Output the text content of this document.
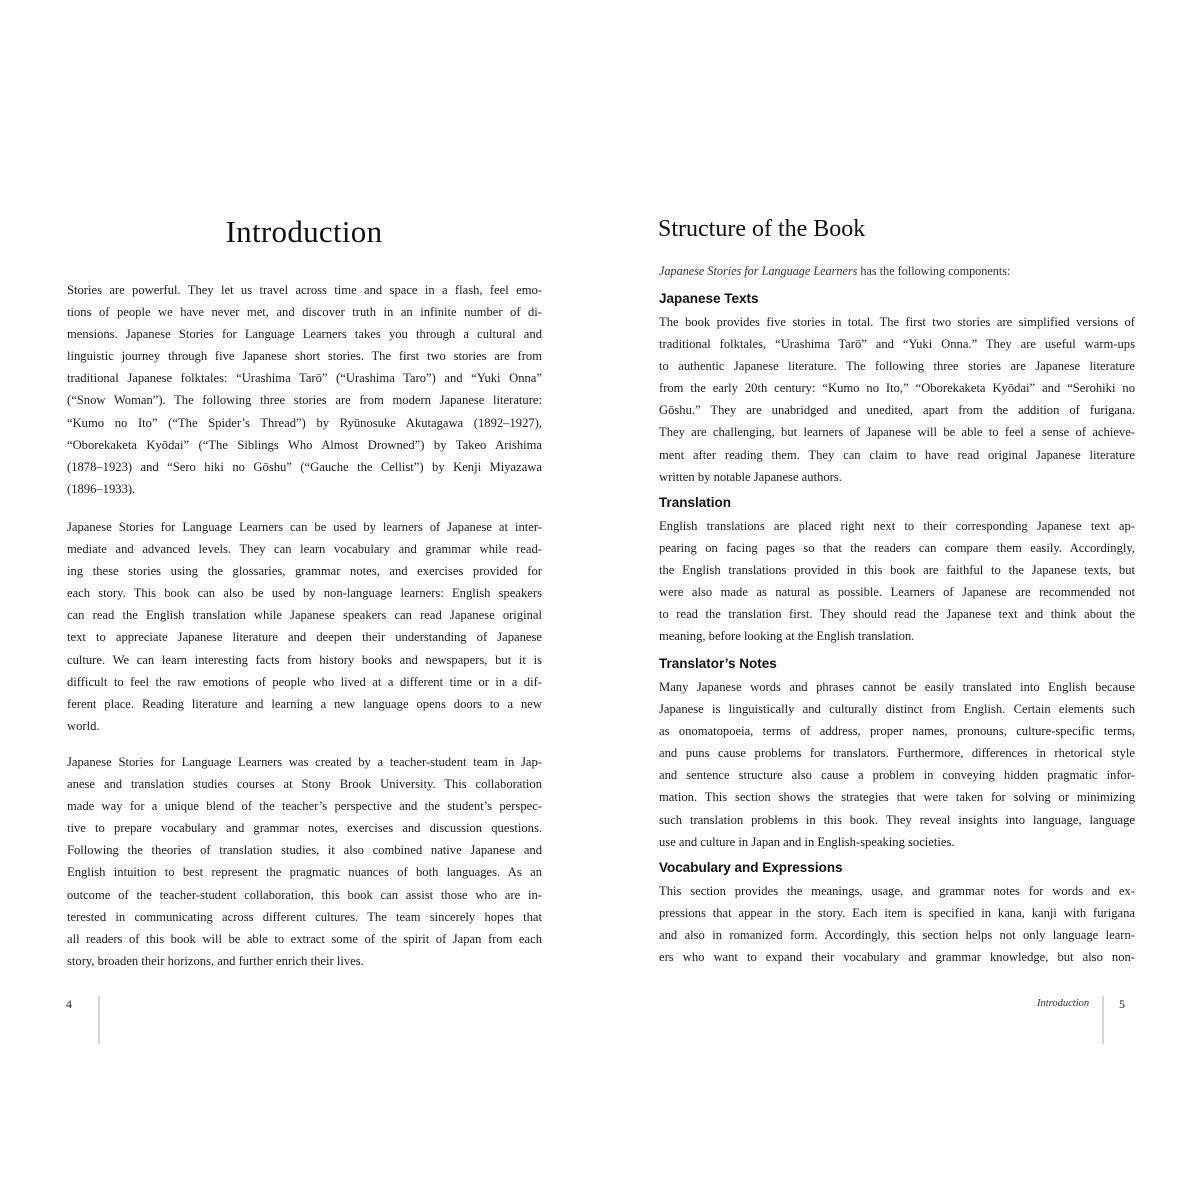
Introduction

Stories are powerful. They let us travel across time and space in a flash, feel emo-
tions of people we have never met, and discover truth in an infinite number of di-
mensions. Japanese Stories for Language Learners takes you through a cultural and
linguistic journey through five Japanese short stories. The first two stories are from
traditional Japanese folktales: “Urashima Tarō” (“Urashima Taro”) and “Yuki Onna”
(“Snow Woman”). The following three stories are from modern Japanese literature:
“Kumo no Ito” (“The Spider’s Thread”) by Ryūnosuke Akutagawa (1892–1927),
“Oborekaketa Kyōdai” (“The Siblings Who Almost Drowned”) by Takeo Arishima
(1878–1923) and “Sero hiki no Gōshu” (“Gauche the Cellist”) by Kenji Miyazawa
(1896–1933).

Japanese Stories for Language Learners can be used by learners of Japanese at inter-
mediate and advanced levels. They can learn vocabulary and grammar while read-
ing these stories using the glossaries, grammar notes, and exercises provided for
each story. This book can also be used by non-language learners: English speakers
can read the English translation while Japanese speakers can read Japanese original
text to appreciate Japanese literature and deepen their understanding of Japanese
culture. We can learn interesting facts from history books and newspapers, but it is
difficult to feel the raw emotions of people who lived at a different time or in a dif-
ferent place. Reading literature and learning a new language opens doors to a new
world.

Japanese Stories for Language Learners was created by a teacher-student team in Jap-
anese and translation studies courses at Stony Brook University. This collaboration
made way for a unique blend of the teacher’s perspective and the student’s perspec-
tive to prepare vocabulary and grammar notes, exercises and discussion questions.
Following the theories of translation studies, it also combined native Japanese and
English intuition to best represent the pragmatic nuances of both languages. As an
outcome of the teacher-student collaboration, this book can assist those who are in-
terested in communicating across different cultures. The team sincerely hopes that
all readers of this book will be able to extract some of the spirit of Japan from each
story, broaden their horizons, and further enrich their lives.

4
Structure of the Book
Japanese Stories for Language Learners has the following components:
Japanese Texts

The book provides five stories in total. The first two stories are simplified versions of
traditional folktales, “Urashima Tarō” and “Yuki Onna.” They are useful warm-ups
to authentic Japanese literature. The following three stories are Japanese literature
from the early 20th century: “Kumo no Ito,” “Oborekaketa Kyōdai” and “Serohiki no
Gōshu.” They are unabridged and unedited, apart from the addition of furigana.
They are challenging, but learners of Japanese will be able to feel a sense of achieve-
ment after reading them. They can claim to have read original Japanese literature
written by notable Japanese authors.

Translation

English translations are placed right next to their corresponding Japanese text ap-
pearing on facing pages so that the readers can compare them easily. Accordingly,
the English translations provided in this book are faithful to the Japanese texts, but
were also made as natural as possible. Learners of Japanese are recommended not
to read the translation first. They should read the Japanese text and think about the
meaning, before looking at the English translation.

Translator’s Notes

Many Japanese words and phrases cannot be easily translated into English because
Japanese is linguistically and culturally distinct from English. Certain elements such
as onomatopoeia, terms of address, proper names, pronouns, culture-specific terms,
and puns cause problems for translators. Furthermore, differences in rhetorical style
and sentence structure also cause a problem in conveying hidden pragmatic infor-
mation. This section shows the strategies that were taken for solving or minimizing
such translation problems in this book. They reveal insights into language, language
use and culture in Japan and in English-speaking societies.

Vocabulary and Expressions

This section provides the meanings, usage, and grammar notes for words and ex-
pressions that appear in the story. Each item is specified in kana, kanji with furigana
and also in romanized form. Accordingly, this section helps not only language learn-
ers who want to expand their vocabulary and grammar knowledge, but also non-

Introduction 5
